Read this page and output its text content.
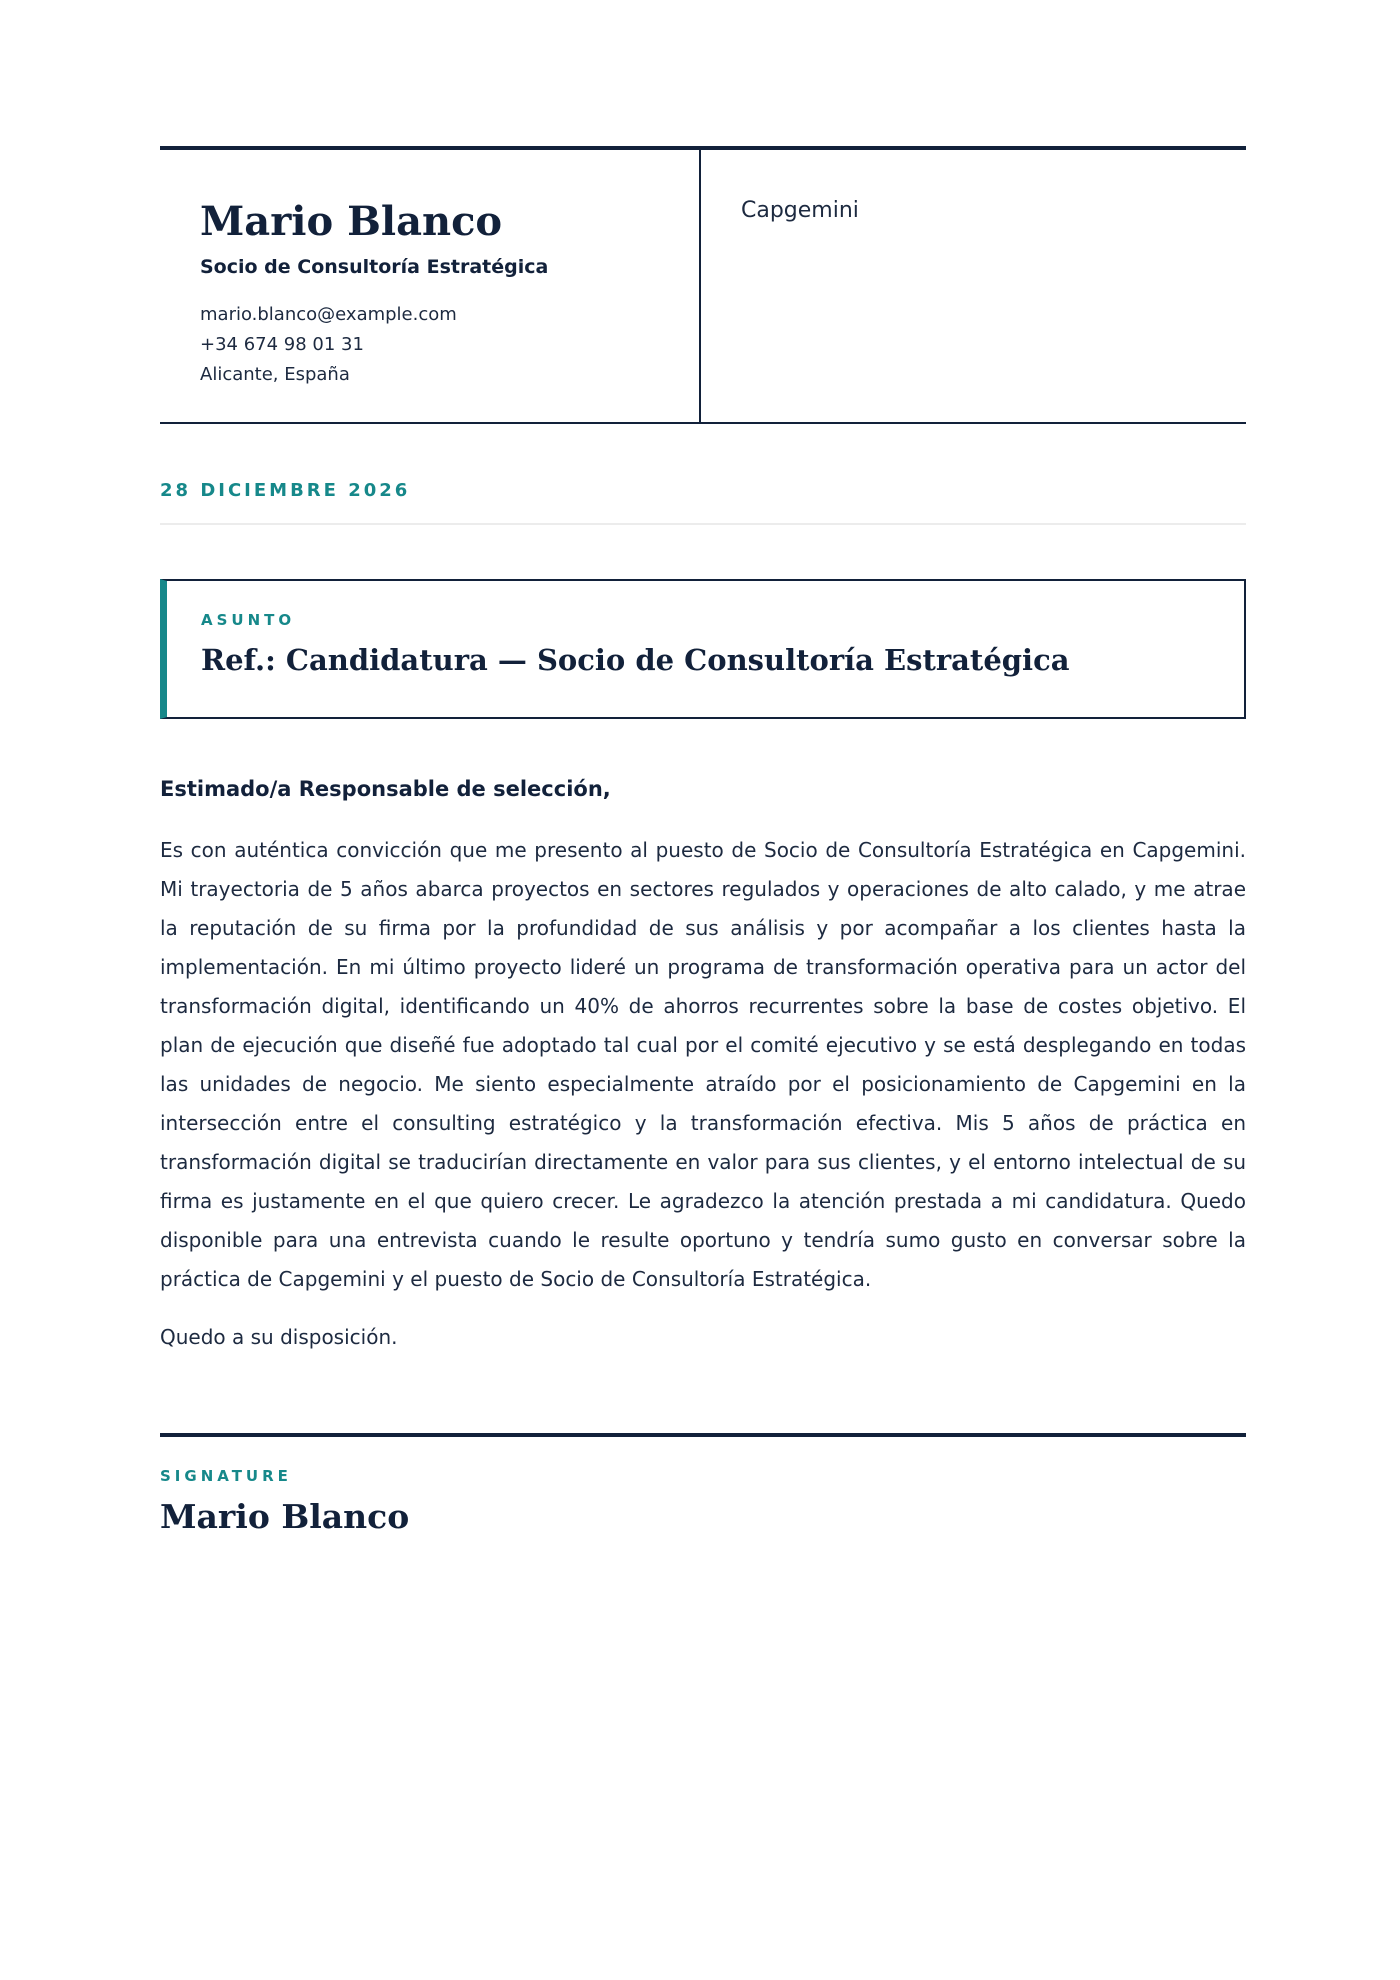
Mario Blanco
Socio de Consultoría Estratégica
mario.blanco@example.com
+34 674 98 01 31
Alicante, España
Capgemini
28 DICIEMBRE 2026
ASUNTO
Ref.: Candidatura — Socio de Consultoría Estratégica
Estimado/a Responsable de selección,
Es con auténtica convicción que me presento al puesto de Socio de Consultoría Estratégica en Capgemini. Mi trayectoria de 5 años abarca proyectos en sectores regulados y operaciones de alto calado, y me atrae la reputación de su firma por la profundidad de sus análisis y por acompañar a los clientes hasta la implementación. En mi último proyecto lideré un programa de transformación operativa para un actor del transformación digital, identificando un 40% de ahorros recurrentes sobre la base de costes objetivo. El plan de ejecución que diseñé fue adoptado tal cual por el comité ejecutivo y se está desplegando en todas las unidades de negocio. Me siento especialmente atraído por el posicionamiento de Capgemini en la intersección entre el consulting estratégico y la transformación efectiva. Mis 5 años de práctica en transformación digital se traducirían directamente en valor para sus clientes, y el entorno intelectual de su firma es justamente en el que quiero crecer. Le agradezco la atención prestada a mi candidatura. Quedo disponible para una entrevista cuando le resulte oportuno y tendría sumo gusto en conversar sobre la práctica de Capgemini y el puesto de Socio de Consultoría Estratégica.
Quedo a su disposición.
SIGNATURE
Mario Blanco
